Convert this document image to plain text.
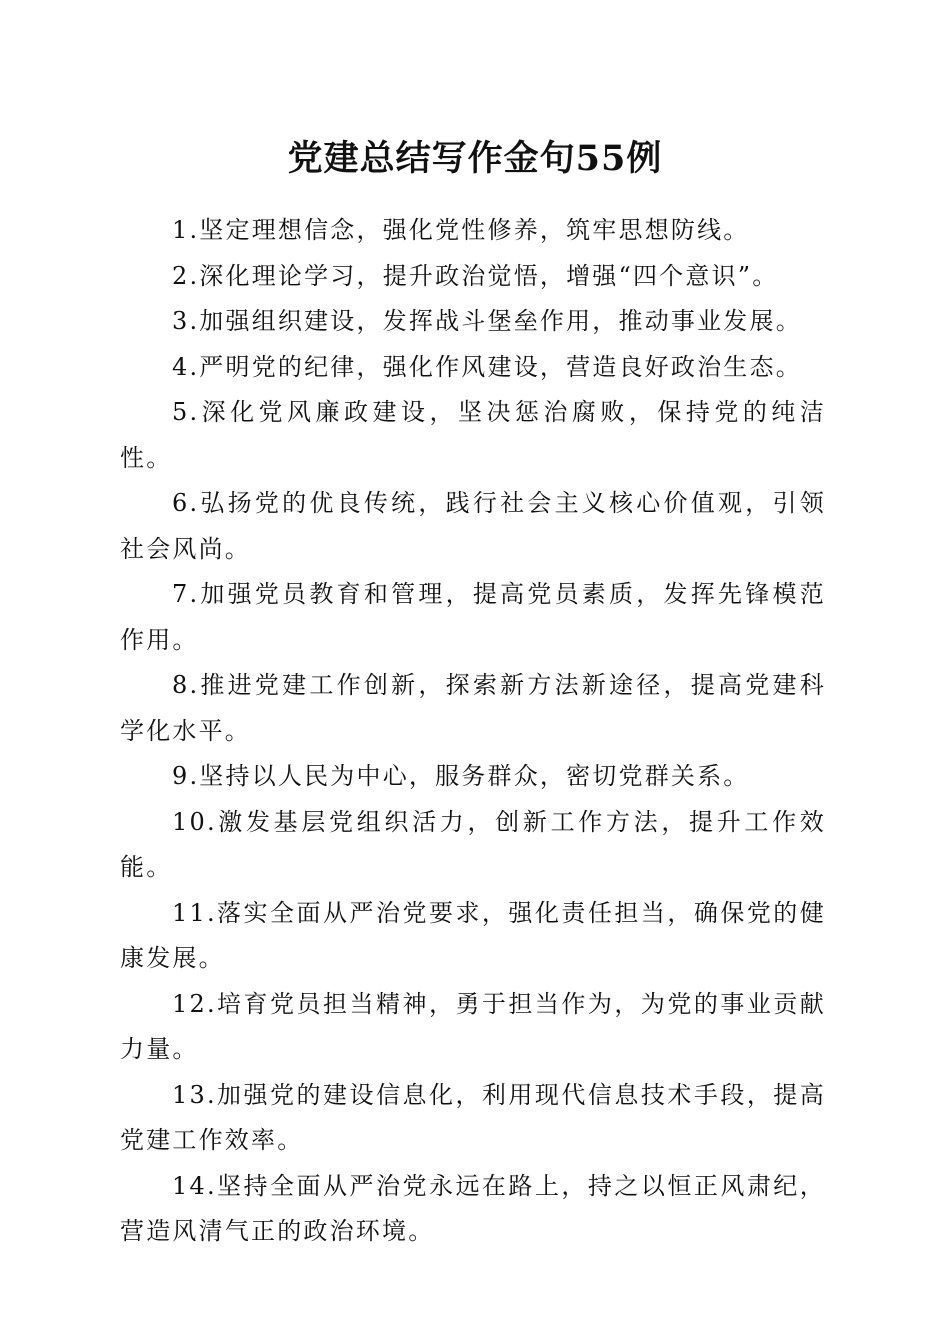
党建总结写作金句55例

1.坚定理想信念，强化党性修养，筑牢思想防线。

2.深化理论学习，提升政治觉悟，增强“四个意识”。

3.加强组织建设，发挥战斗堡垒作用，推动事业发展。

4.严明党的纪律，强化作风建设，营造良好政治生态。

5.深化党风廉政建设，坚决惩治腐败，保持党的纯洁性。

6.弘扬党的优良传统，践行社会主义核心价值观，引领社会风尚。

7.加强党员教育和管理，提高党员素质，发挥先锋模范作用。

8.推进党建工作创新，探索新方法新途径，提高党建科学化水平。

9.坚持以人民为中心，服务群众，密切党群关系。

10.激发基层党组织活力，创新工作方法，提升工作效能。

11.落实全面从严治党要求，强化责任担当，确保党的健康发展。

12.培育党员担当精神，勇于担当作为，为党的事业贡献力量。

13.加强党的建设信息化，利用现代信息技术手段，提高党建工作效率。

14.坚持全面从严治党永远在路上，持之以恒正风肃纪，营造风清气正的政治环境。
